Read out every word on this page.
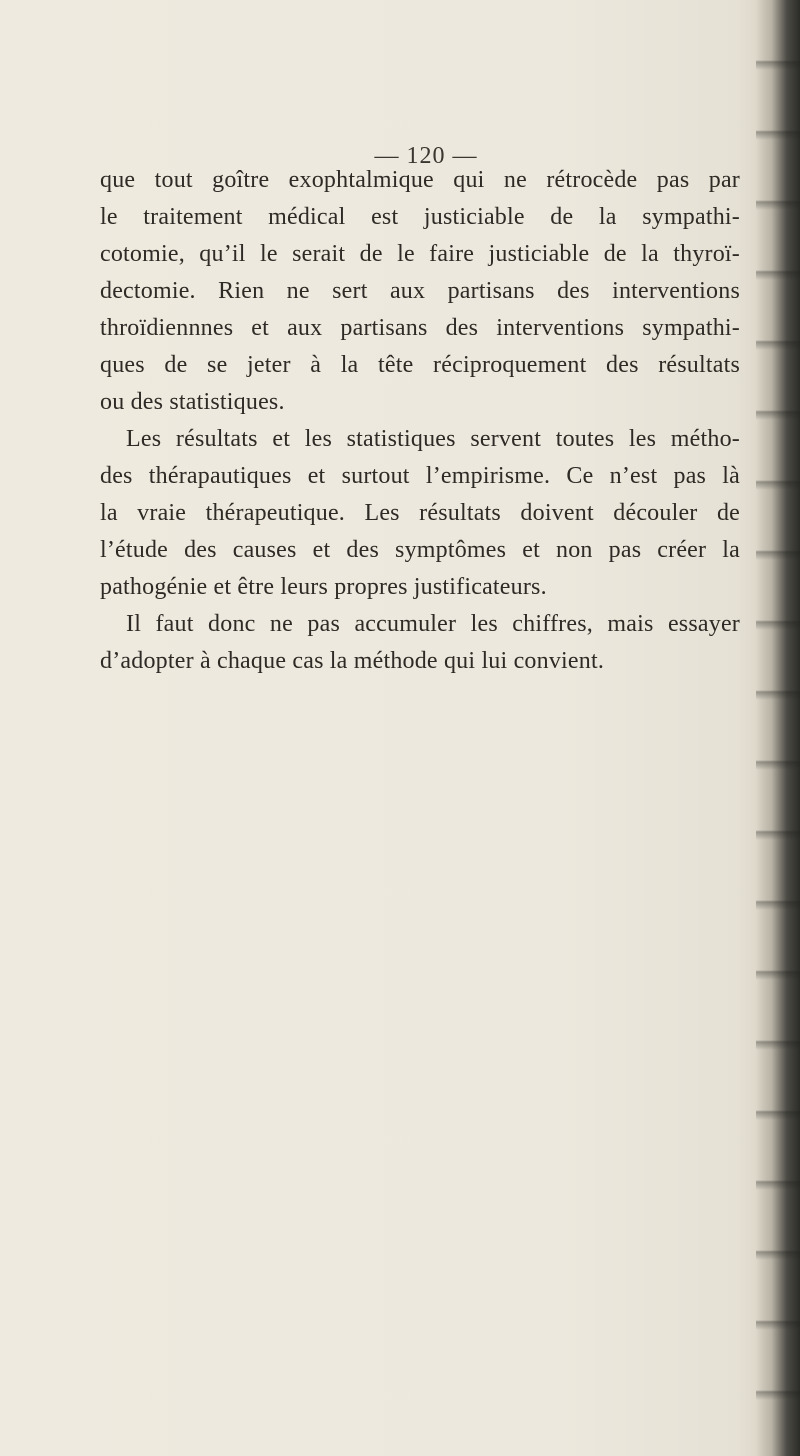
— 120 —
que tout goître exophtalmique qui ne rétrocède pas par
le traitement médical est justiciable de la sympathi-
cotomie, qu’il le serait de le faire justiciable de la thyroï-
dectomie. Rien ne sert aux partisans des interventions
throïdiennnes et aux partisans des interventions sympathi-
ques de se jeter à la tête réciproquement des résultats
ou des statistiques.
Les résultats et les statistiques servent toutes les métho-
des thérapautiques et surtout l’empirisme. Ce n’est pas là
la vraie thérapeutique. Les résultats doivent découler de
l’étude des causes et des symptômes et non pas créer la
pathogénie et être leurs propres justificateurs.
Il faut donc ne pas accumuler les chiffres, mais essayer
d’adopter à chaque cas la méthode qui lui convient.
